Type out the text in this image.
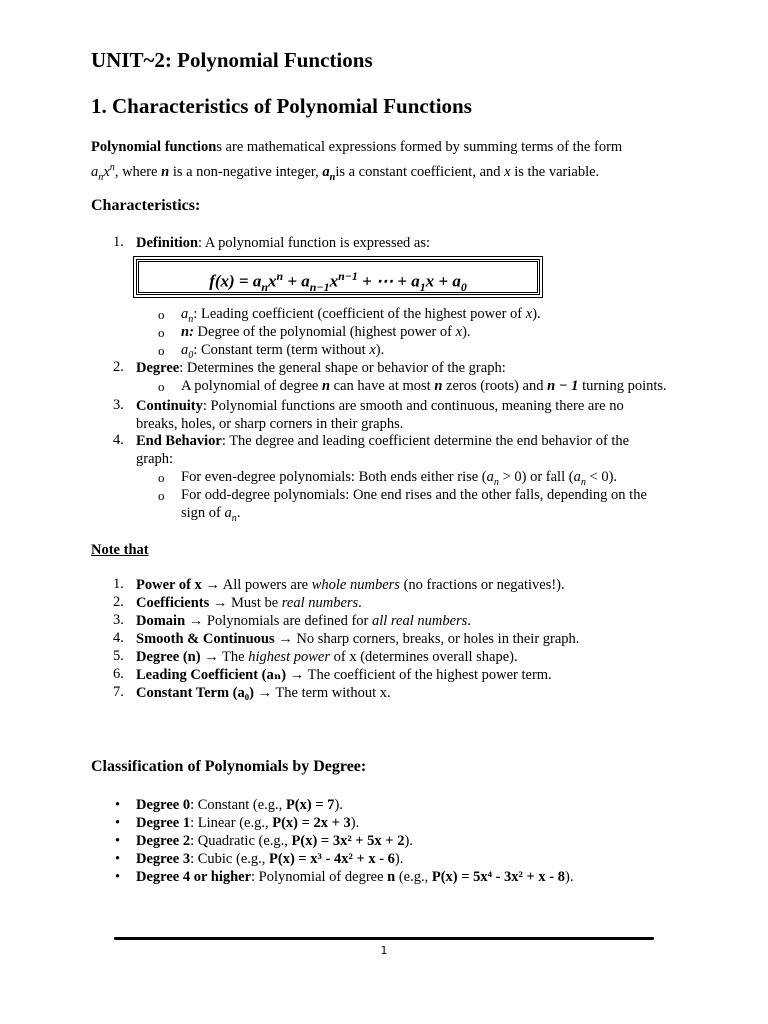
UNIT~2: Polynomial Functions
1. Characteristics of Polynomial Functions
Polynomial functions are mathematical expressions formed by summing terms of the form
$a_nx^n$, where n is a non-negative integer, $a_nis$ a constant coefficient, and x is the variable.
Characteristics:
1. Definition: A polynomial function is expressed as:
$f(x) = a_nx^n + a_{n-1}x^{n-1}$ + ⋯ + $a_1x + a_0$
o $a_n$: Leading coefficient (coefficient of the highest power of x).
o n: Degree of the polynomial (highest power of x).
o $a_0$: Constant term (term without x).
2. Degree: Determines the general shape or behavior of the graph:
o A polynomial of degree n can have at most n zeros (roots) and n − 1 turning points.
3. Continuity: Polynomial functions are smooth and continuous, meaning there are no
breaks, holes, or sharp corners in their graphs.
4. End Behavior: The degree and leading coefficient determine the end behavior of the
graph:
o For even-degree polynomials: Both ends either rise $(a_n > 0)$ or fall $(a_n < 0)$.
o For odd-degree polynomials: One end rises and the other falls, depending on the
sign of $a_n$.
Note that
1. Power of x → All powers are whole numbers (no fractions or negatives!).
2. Coefficients → Must be real numbers.
3. Domain → Polynomials are defined for all real numbers.
4. Smooth & Continuous → No sharp corners, breaks, or holes in their graph.
5. Degree (n) → The highest power of x (determines overall shape).
6. Leading Coefficient (aₙ) → The coefficient of the highest power term.
7. Constant Term (a₀) → The term without x.
Classification of Polynomials by Degree:
• Degree 0: Constant (e.g., P(x) = 7).
• Degree 1: Linear (e.g., P(x) = 2x + 3).
• Degree 2: Quadratic (e.g., P(x) = 3x² + 5x + 2).
• Degree 3: Cubic (e.g., P(x) = x³ - 4x² + x - 6).
• Degree 4 or higher: Polynomial of degree n (e.g., P(x) = 5x⁴ - 3x² + x - 8).
1
